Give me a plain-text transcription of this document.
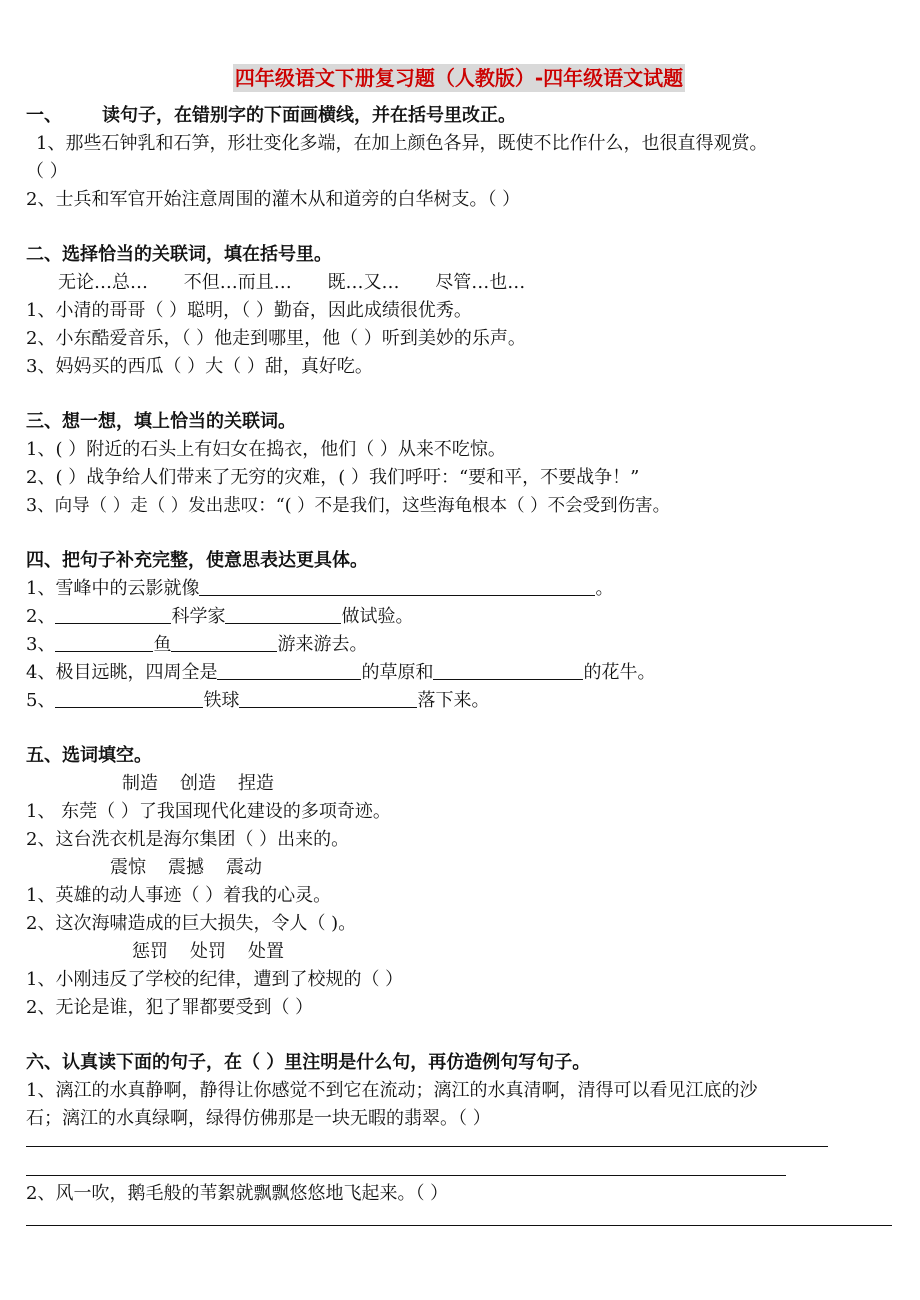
四年级语文下册复习题（人教版）-四年级语文试题
一、 读句子，在错别字的下面画横线，并在括号里改正。
1、那些石钟乳和石笋，形壮变化多端，在加上颜色各异，既使不比作什么，也很直得观赏。
（ ）
2、士兵和军官开始注意周围的灌木从和道旁的白华树支。（ ）
二、选择恰当的关联词，填在括号里。
无论…总… 不但…而且… 既…又… 尽管…也…
1、小清的哥哥（ ）聪明，（ ）勤奋，因此成绩很优秀。
2、小东酷爱音乐，（ ）他走到哪里，他（ ）听到美妙的乐声。
3、妈妈买的西瓜（ ）大（ ）甜，真好吃。
三、想一想，填上恰当的关联词。
1、( ）附近的石头上有妇女在捣衣，他们（ ）从来不吃惊。
2、( ）战争给人们带来了无穷的灾难，( ）我们呼吁：“要和平，不要战争！”
3、向导（ ）走（ ）发出悲叹：“( ）不是我们，这些海龟根本（ ）不会受到伤害。
四、把句子补充完整，使意思表达更具体。
1、雪峰中的云影就像	。
2、	科学家	做试验。
3、	鱼	游来游去。
4、极目远眺，四周全是	的草原和	的花牛。
5、	铁球	落下来。
五、选词填空。
制造 创造 捏造
1、 东莞（ ）了我国现代化建设的多项奇迹。
2、这台洗衣机是海尔集团（ ）出来的。
震惊 震撼 震动
1、英雄的动人事迹（ ）着我的心灵。
2、这次海啸造成的巨大损失，令人（ )。
惩罚 处罚 处置
1、小刚违反了学校的纪律，遭到了校规的（ ）
2、无论是谁，犯了罪都要受到（ ）
六、认真读下面的句子，在（ ）里注明是什么句，再仿造例句写句子。
1、漓江的水真静啊，静得让你感觉不到它在流动；漓江的水真清啊，清得可以看见江底的沙
石；漓江的水真绿啊，绿得仿佛那是一块无暇的翡翠。（ ）
2、风一吹，鹅毛般的苇絮就飘飘悠悠地飞起来。（ ）
